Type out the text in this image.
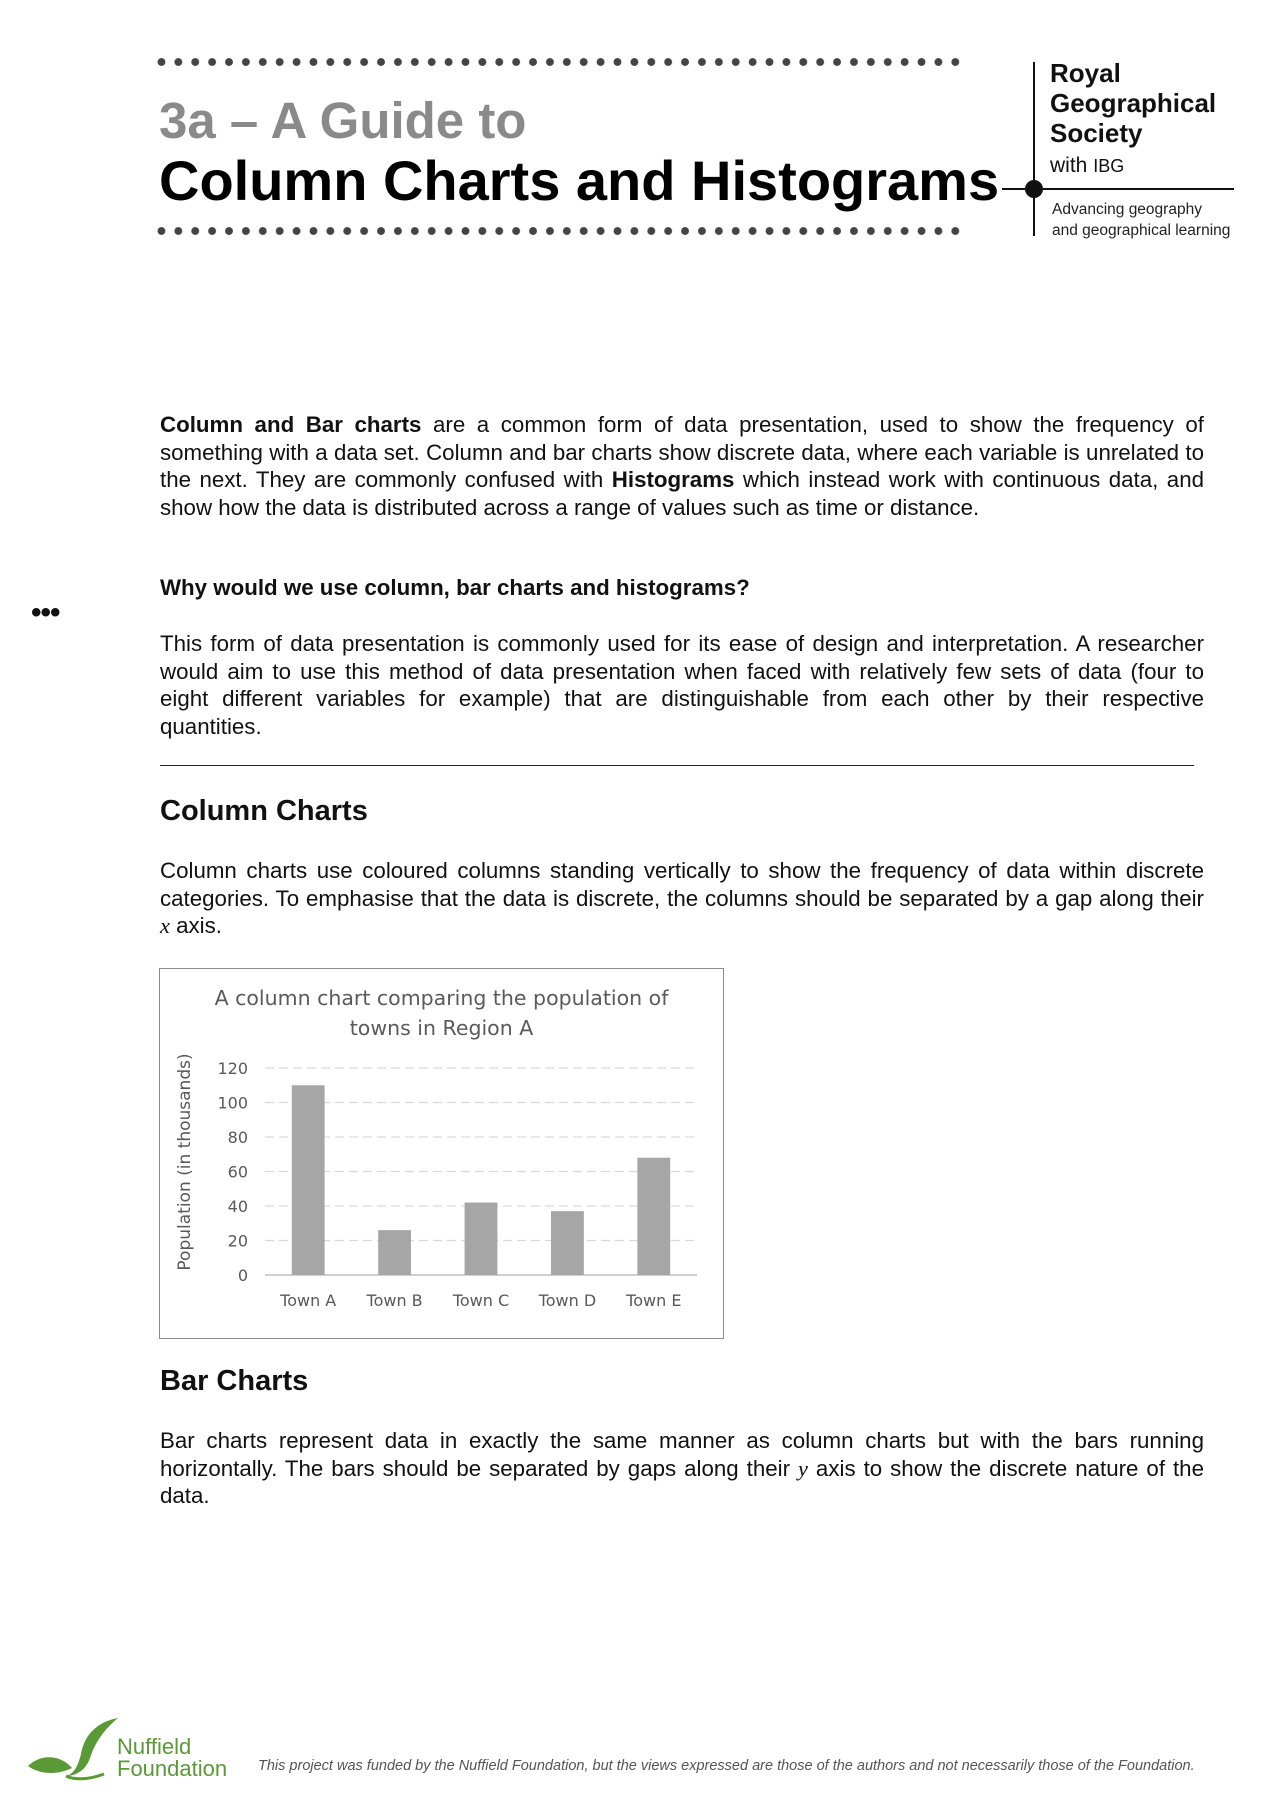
3a – A Guide to
Column Charts and Histograms
Royal
Geographical
Society
with IBG
Advancing geography
and geographical learning

Column and Bar charts are a common form of data presentation, used to show the frequency of something with a data set. Column and bar charts show discrete data, where each variable is unrelated to the next. They are commonly confused with Histograms which instead work with continuous data, and show how the data is distributed across a range of values such as time or distance.

•••

Why would we use column, bar charts and histograms?

This form of data presentation is commonly used for its ease of design and interpretation. A researcher would aim to use this method of data presentation when faced with relatively few sets of data (four to eight different variables for example) that are distinguishable from each other by their respective quantities.

Column Charts

Column charts use coloured columns standing vertically to show the frequency of data within discrete categories. To emphasise that the data is discrete, the columns should be separated by a gap along their x axis.

A column chart comparing the population of
towns in Region A
0
20
40
60
80
100
120
Town A Town B Town C Town D Town E
Population (in thousands)
Bar Charts

Bar charts represent data in exactly the same manner as column charts but with the bars running horizontally. The bars should be separated by gaps along their y axis to show the discrete nature of the data.

Nuffield
Foundation This project was funded by the Nuffield Foundation, but the views expressed are those of the authors and not necessarily those of the Foundation.
